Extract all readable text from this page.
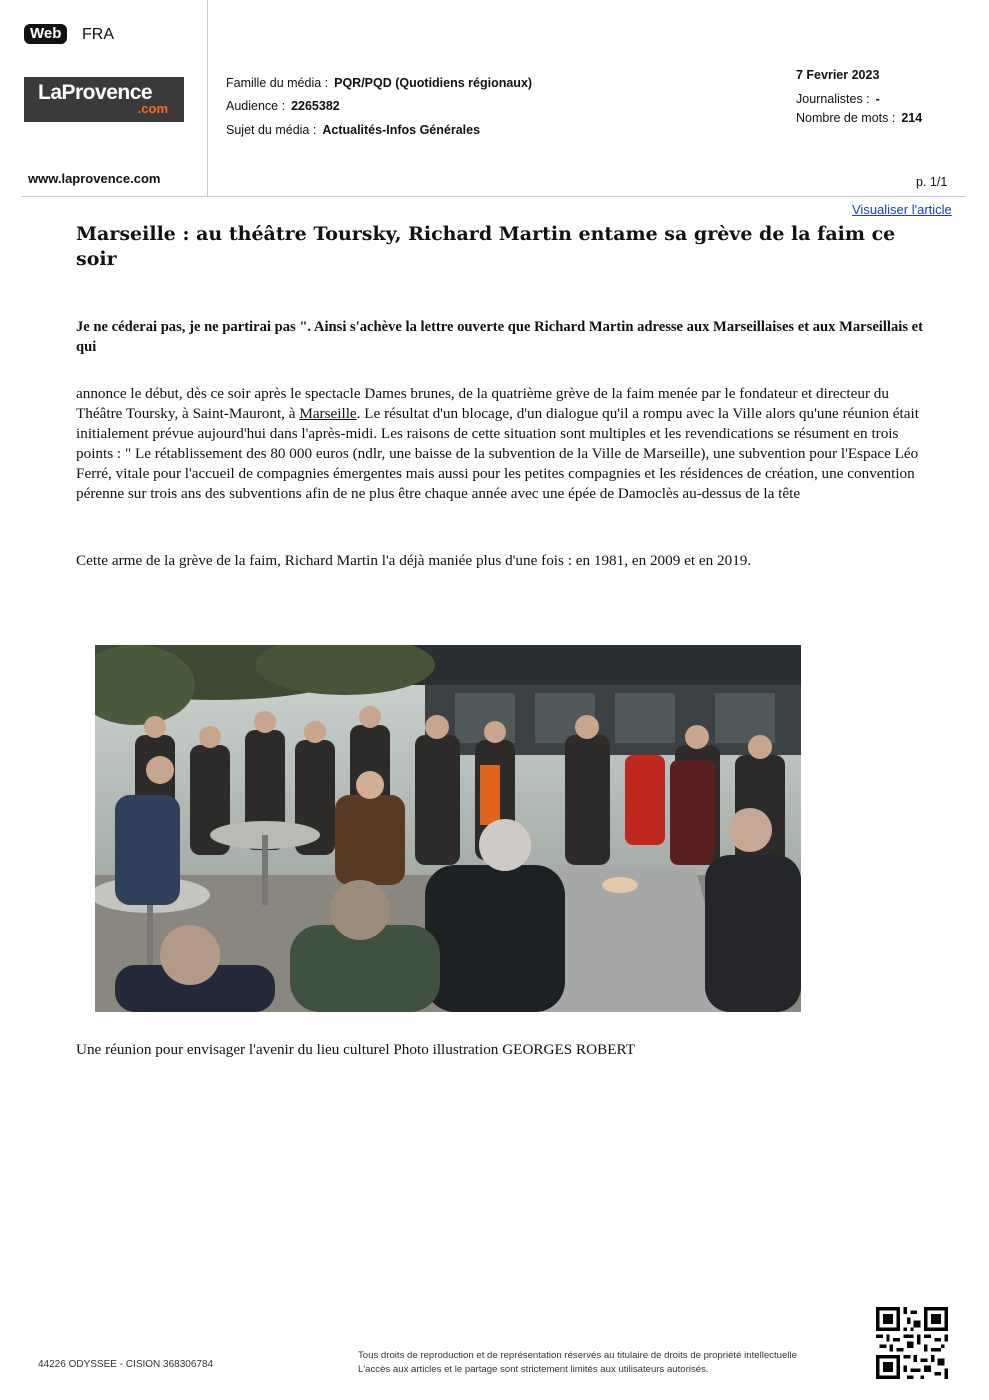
Web	FRA
LaProvence
.com
www.laprovence.com
Famille du média : PQR/PQD (Quotidiens régionaux)
Audience : 2265382
Sujet du média : Actualités-Infos Générales
7 Fevrier 2023
Journalistes : -
Nombre de mots : 214
p. 1/1
Visualiser l'article
Marseille : au théâtre Toursky, Richard Martin entame sa grève de la faim ce soir
Je ne céderai pas, je ne partirai pas ". Ainsi s'achève la lettre ouverte que Richard Martin adresse aux Marseillaises et aux Marseillais et qui
annonce le début, dès ce soir après le spectacle Dames brunes, de la quatrième grève de la faim menée par le fondateur et directeur du Théâtre Toursky, à Saint-Mauront, à Marseille. Le résultat d'un blocage, d'un dialogue qu'il a rompu avec la Ville alors qu'une réunion était initialement prévue aujourd'hui dans l'après-midi. Les raisons de cette situation sont multiples et les revendications se résument en trois points : " Le rétablissement des 80 000 euros (ndlr, une baisse de la subvention de la Ville de Marseille), une subvention pour l'Espace Léo Ferré, vitale pour l'accueil de compagnies émergentes mais aussi pour les petites compagnies et les résidences de création, une convention pérenne sur trois ans des subventions afin de ne plus être chaque année avec une épée de Damoclès au-dessus de la tête
Cette arme de la grève de la faim, Richard Martin l'a déjà maniée plus d'une fois : en 1981, en 2009 et en 2019.
Une réunion pour envisager l'avenir du lieu culturel Photo illustration GEORGES ROBERT
44226 ODYSSEE - CISION 368306784
Tous droits de reproduction et de représentation réservés au titulaire de droits de propriété intellectuelle
L'accès aux articles et le partage sont strictement limités aux utilisateurs autorisés.
